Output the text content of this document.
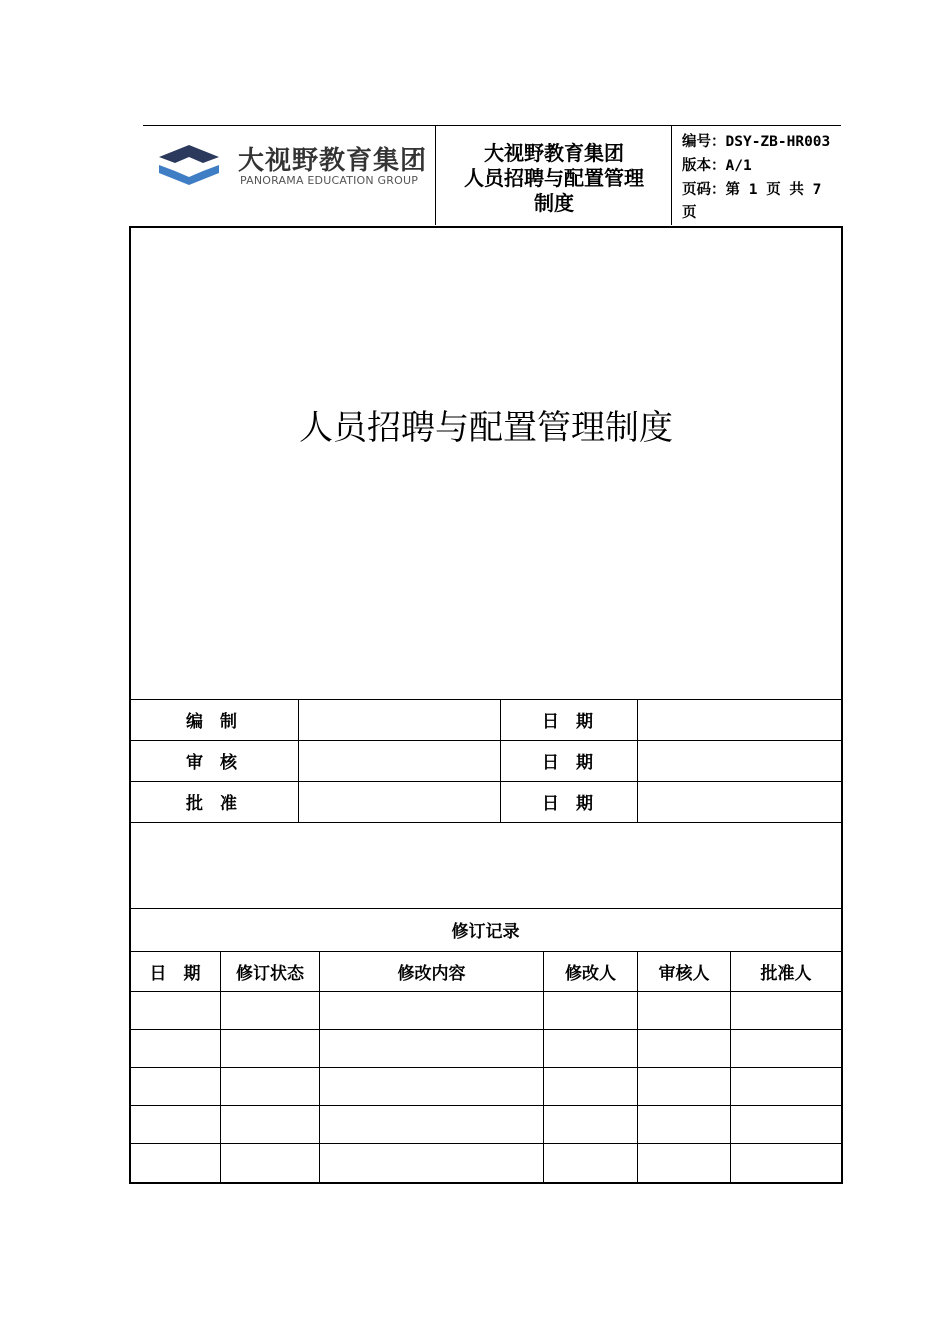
大视野教育集团
PANORAMA EDUCATION GROUP
大视野教育集团
人员招聘与配置管理
制度
编号：DSY-ZB-HR003
版本：A/1
页码：第 1 页 共 7
页
人员招聘与配置管理制度
编　制	日　期
审　核	日　期
批　准	日　期
修订记录
日　期	修订状态	修改内容	修改人	审核人	批准人
